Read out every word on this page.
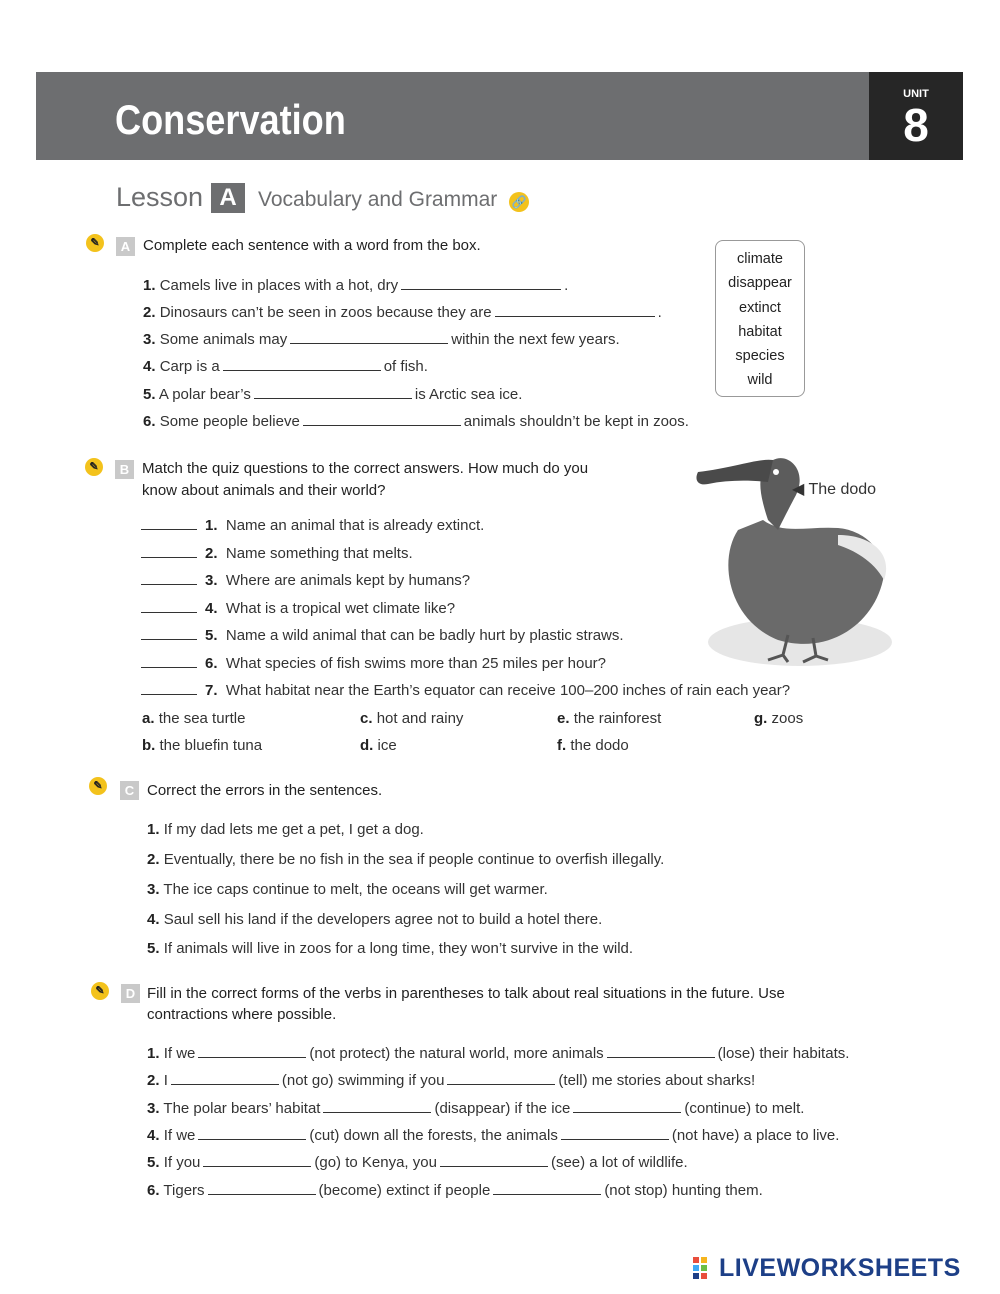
Conservation
UNIT
8
Lesson A	Vocabulary and Grammar 🔗
✎	A Complete each sentence with a word from the box.
1. Camels live in places with a hot, dry	.
2. Dinosaurs can’t be seen in zoos because they are	.
3. Some animals may	within the next few years.
4. Carp is a	of fish.
5. A polar bear’s	is Arctic sea ice.
6. Some people believe	animals shouldn’t be kept in zoos.
climate
disappear
extinct
habitat
species
wild
✎	B Match the quiz questions to the correct answers. How much do you
know about animals and their world?	◀ The dodo
1. Name an animal that is already extinct.
2. Name something that melts.
3. Where are animals kept by humans?
4. What is a tropical wet climate like?
5. Name a wild animal that can be badly hurt by plastic straws.
6. What species of fish swims more than 25 miles per hour?
7. What habitat near the Earth’s equator can receive 100–200 inches of rain each year?
a. the sea turtle
b. the bluefin tuna
c. hot and rainy
d. ice
e. the rainforest
f. the dodo
g. zoos
✎	C Correct the errors in the sentences.
1. If my dad lets me get a pet, I get a dog.
2. Eventually, there be no fish in the sea if people continue to overfish illegally.
3. The ice caps continue to melt, the oceans will get warmer.
4. Saul sell his land if the developers agree not to build a hotel there.
5. If animals will live in zoos for a long time, they won’t survive in the wild.
✎	D Fill in the correct forms of the verbs in parentheses to talk about real situations in the future. Use
contractions where possible.
1. If we	(not protect) the natural world, more animals	(lose) their habitats.
2. I	(not go) swimming if you	(tell) me stories about sharks!
3. The polar bears’ habitat	(disappear) if the ice	(continue) to melt.
4. If we	(cut) down all the forests, the animals	(not have) a place to live.
5. If you	(go) to Kenya, you	(see) a lot of wildlife.
6. Tigers	(become) extinct if people	(not stop) hunting them.
LIVEWORKSHEETS
